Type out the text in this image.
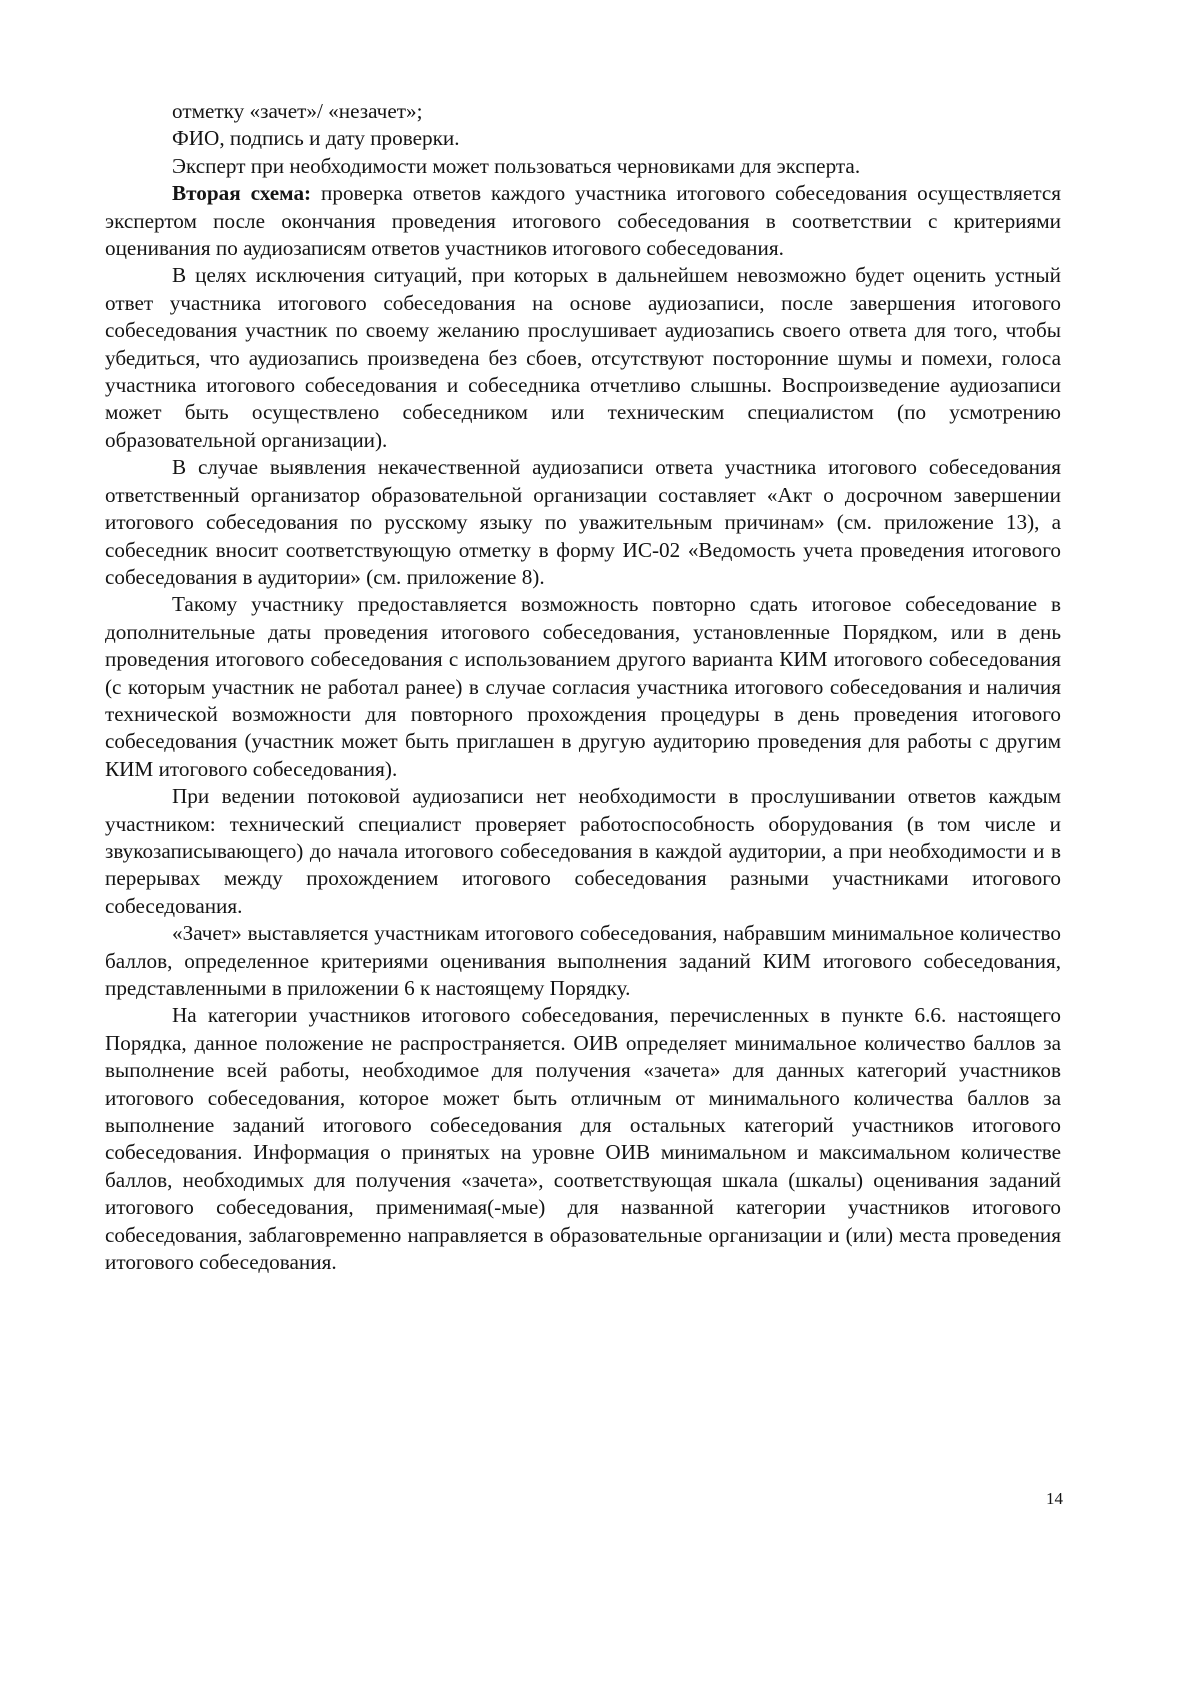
отметку «зачет»/ «незачет»;

ФИО, подпись и дату проверки.

Эксперт при необходимости может пользоваться черновиками для эксперта.

Вторая схема: проверка ответов каждого участника итогового собеседования осуществляется экспертом после окончания проведения итогового собеседования в соответствии с критериями оценивания по аудиозаписям ответов участников итогового собеседования.

В целях исключения ситуаций, при которых в дальнейшем невозможно будет оценить устный ответ участника итогового собеседования на основе аудиозаписи, после завершения итогового собеседования участник по своему желанию прослушивает аудиозапись своего ответа для того, чтобы убедиться, что аудиозапись произведена без сбоев, отсутствуют посторонние шумы и помехи, голоса участника итогового собеседования и собеседника отчетливо слышны. Воспроизведение аудиозаписи может быть осуществлено собеседником или техническим специалистом (по усмотрению образовательной организации).

В случае выявления некачественной аудиозаписи ответа участника итогового собеседования ответственный организатор образовательной организации составляет «Акт о досрочном завершении итогового собеседования по русскому языку по уважительным причинам» (см. приложение 13), а собеседник вносит соответствующую отметку в форму ИС-02 «Ведомость учета проведения итогового собеседования в аудитории» (см. приложение 8).

Такому участнику предоставляется возможность повторно сдать итоговое собеседование в дополнительные даты проведения итогового собеседования, установленные Порядком, или в день проведения итогового собеседования с использованием другого варианта КИМ итогового собеседования (с которым участник не работал ранее) в случае согласия участника итогового собеседования и наличия технической возможности для повторного прохождения процедуры в день проведения итогового собеседования (участник может быть приглашен в другую аудиторию проведения для работы с другим КИМ итогового собеседования).

При ведении потоковой аудиозаписи нет необходимости в прослушивании ответов каждым участником: технический специалист проверяет работоспособность оборудования (в том числе и звукозаписывающего) до начала итогового собеседования в каждой аудитории, а при необходимости и в перерывах между прохождением итогового собеседования разными участниками итогового собеседования.

«Зачет» выставляется участникам итогового собеседования, набравшим минимальное количество баллов, определенное критериями оценивания выполнения заданий КИМ итогового собеседования, представленными в приложении 6 к настоящему Порядку.

На категории участников итогового собеседования, перечисленных в пункте 6.6. настоящего Порядка, данное положение не распространяется. ОИВ определяет минимальное количество баллов за выполнение всей работы, необходимое для получения «зачета» для данных категорий участников итогового собеседования, которое может быть отличным от минимального количества баллов за выполнение заданий итогового собеседования для остальных категорий участников итогового собеседования. Информация о принятых на уровне ОИВ минимальном и максимальном количестве баллов, необходимых для получения «зачета», соответствующая шкала (шкалы) оценивания заданий итогового собеседования, применимая(-мые) для названной категории участников итогового собеседования, заблаговременно направляется в образовательные организации и (или) места проведения итогового собеседования.

14
